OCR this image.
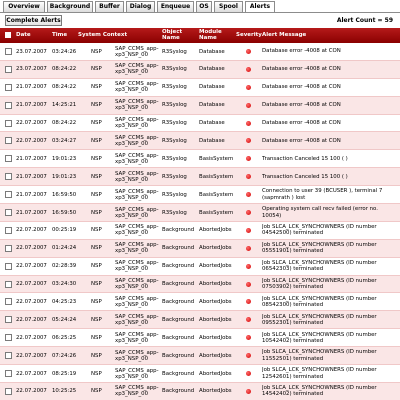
Overview	Background	Buffer	Dialog	Enqueue	OS	Spool	Alerts
Complete Alerts	Alert Count = 59
Date	Time System Context	Object Name
Module Name	Severity Alert Message
23.07.2007 03:24:26	NSP	SAP_CCMS_app-xp3_NSP_00	R3Syslog	Database	Database error -4008 at CON
23.07.2007 08:24:22	NSP	SAP_CCMS_app-xp3_NSP_00	R3Syslog	Database	Database error -4008 at CON
21.07.2007 08:24:22	NSP	SAP_CCMS_app-xp3_NSP_00	R3Syslog	Database	Database error -4008 at CON
21.07.2007 14:25:21	NSP	SAP_CCMS_app-xp3_NSP_00	R3Syslog	Database	Database error -4008 at CON
22.07.2007 08:24:22	NSP	SAP_CCMS_app-xp3_NSP_00	R3Syslog	Database	Database error -4008 at CON
22.07.2007 03:24:27	NSP	SAP_CCMS_app-xp3_NSP_00	R3Syslog	Database	Database error -4008 at CON
21.07.2007 19:01:23	NSP	SAP_CCMS_app-xp3_NSP_00	R3Syslog	BasisSystem	Transaction Canceled 15 100 ( )
21.07.2007 19:01:23	NSP	SAP_CCMS_app-xp3_NSP_00	R3Syslog	BasisSystem	Transaction Canceled 15 100 ( )
21.07.2007 16:59:50	NSP	SAP_CCMS_app-xp3_NSP_00	R3Syslog	BasisSystem
Connection to user 39 (BCUSER ), terminal 7 (sapmrath ) lost
21.07.2007 16:59:50	NSP	SAP_CCMS_app-xp3_NSP_00	R3Syslog	BasisSystem
Operating system call recv failed (error no. 10054)
22.07.2007 00:25:19	NSP	SAP_CCMS_app-xp3_NSP_00	Background AbortedJobs
Job SLCA_LCK_SYNCHOWNERS (ID number 04542500) terminated
22.07.2007 01:24:24	NSP	SAP_CCMS_app-xp3_NSP_00	Background AbortedJobs
Job SLCA_LCK_SYNCHOWNERS (ID number 05551901) terminated
22.07.2007 02:28:39	NSP	SAP_CCMS_app-xp3_NSP_00	Background AbortedJobs
Job SLCA_LCK_SYNCHOWNERS (ID number 06542303) terminated
22.07.2007 03:24:30	NSP	SAP_CCMS_app-xp3_NSP_00	Background AbortedJobs
Job SLCA_LCK_SYNCHOWNERS (ID number 07503902) terminated
22.07.2007 04:25:23	NSP	SAP_CCMS_app-xp3_NSP_00	Background AbortedJobs
Job SLCA_LCK_SYNCHOWNERS (ID number 08542300) terminated
22.07.2007 05:24:24	NSP	SAP_CCMS_app-xp3_NSP_00	Background AbortedJobs
Job SLCA_LCK_SYNCHOWNERS (ID number 09552301) terminated
22.07.2007 06:25:25	NSP	SAP_CCMS_app-xp3_NSP_00	Background AbortedJobs
Job SLCA_LCK_SYNCHOWNERS (ID number 10542402) terminated
22.07.2007 07:24:26	NSP	SAP_CCMS_app-xp3_NSP_00	Background AbortedJobs
Job SLCA_LCK_SYNCHOWNERS (ID number 11552501) terminated
22.07.2007 08:25:19	NSP	SAP_CCMS_app-xp3_NSP_00	Background AbortedJobs
Job SLCA_LCK_SYNCHOWNERS (ID number 12542601) terminated
22.07.2007 10:25:25	NSP	SAP_CCMS_app-xp3_NSP_00	Background AbortedJobs
Job SLCA_LCK_SYNCHOWNERS (ID number 14542402) terminated
